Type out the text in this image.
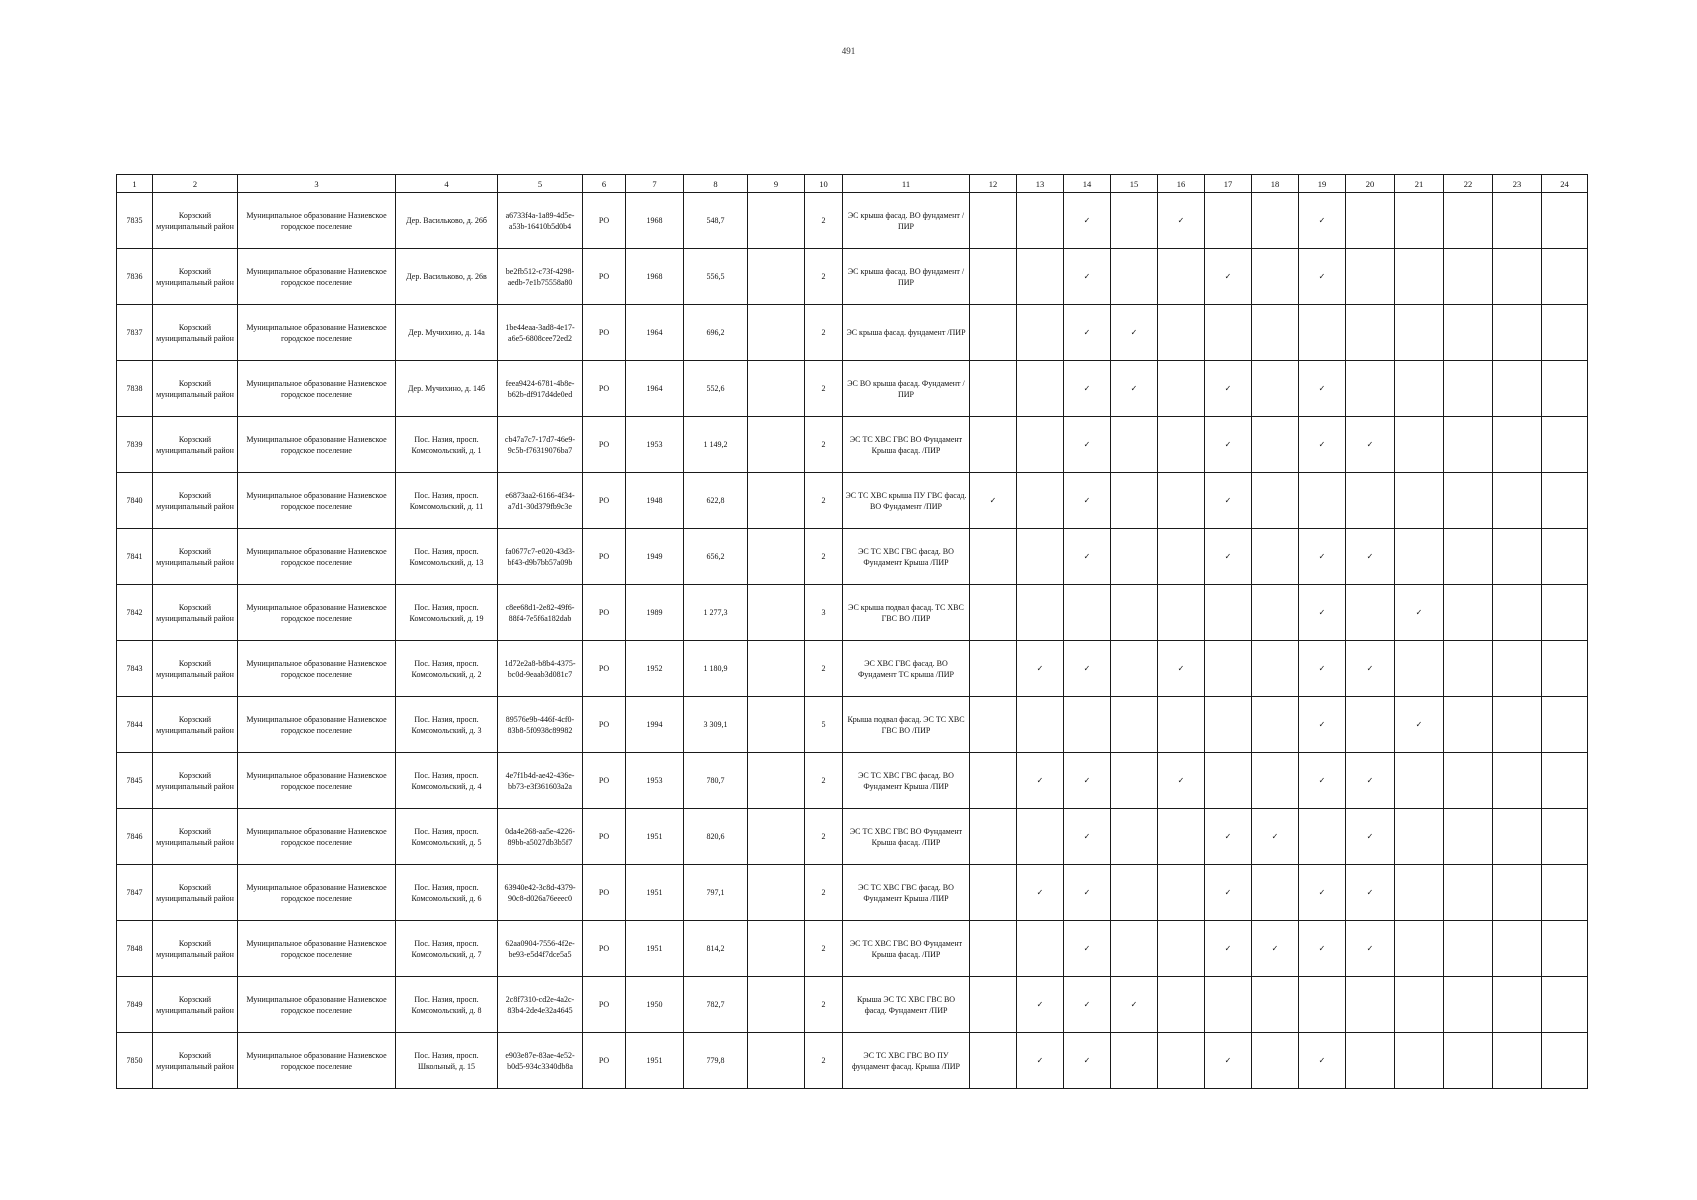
491
1	2	3	4	5	6	7	8	9	10	11	12	13	14	15	16	17	18	19	20	21	22	23	24
7835	Корзский муниципальный район	Муниципальное образование Назиевское городское поселение	Дер. Васильково, д. 26б	a6733f4a-1a89-4d5e-a53b-16410b5d0b4	РО	1968	548,7		2	ЭС крыша фасад. ВО фундамент /ПИР			✓		✓			✓					
7836	Корзский муниципальный район	Муниципальное образование Назиевское городское поселение	Дер. Васильково, д. 26в	be2fb512-c73f-4298-aedb-7e1b75558a80	РО	1968	556,5		2	ЭС крыша фасад. ВО фундамент /ПИР			✓			✓		✓					
7837	Корзский муниципальный район	Муниципальное образование Назиевское городское поселение	Дер. Мучихино, д. 14а	1be44eaa-3ad8-4e17-a6e5-6808cee72ed2	РО	1964	696,2		2	ЭС крыша фасад. фундамент /ПИР			✓	✓									
7838	Корзский муниципальный район	Муниципальное образование Назиевское городское поселение	Дер. Мучихино, д. 14б	feea9424-6781-4b8e-b62b-df917d4de0ed	РО	1964	552,6		2	ЭС ВО крыша фасад. Фундамент /ПИР			✓	✓		✓		✓					
7839	Корзский муниципальный район	Муниципальное образование Назиевское городское поселение	Пос. Назия, просп. Комсомольский, д. 1	cb47a7c7-17d7-46e9-9c5b-f76319076ba7	РО	1953	1 149,2		2	ЭС ТС ХВС ГВС ВО Фундамент Крыша фасад. /ПИР			✓			✓		✓	✓				
7840	Корзский муниципальный район	Муниципальное образование Назиевское городское поселение	Пос. Назия, просп. Комсомольский, д. 11	e6873aa2-6166-4f34-a7d1-30d379fb9c3e	РО	1948	622,8		2	ЭС ТС ХВС крыша ПУ ГВС фасад. ВО Фундамент /ПИР	✓		✓			✓							
7841	Корзский муниципальный район	Муниципальное образование Назиевское городское поселение	Пос. Назия, просп. Комсомольский, д. 13	fa0677c7-e020-43d3-bf43-d9b7bb57a09b	РО	1949	656,2		2	ЭС ТС ХВС ГВС фасад. ВО Фундамент Крыша /ПИР			✓			✓		✓	✓				
7842	Корзский муниципальный район	Муниципальное образование Назиевское городское поселение	Пос. Назия, просп. Комсомольский, д. 19	c8ee68d1-2e82-49f6-88f4-7e5f6a182dab	РО	1989	1 277,3		3	ЭС крыша подвал фасад. ТС ХВС ГВС ВО /ПИР								✓		✓			
7843	Корзский муниципальный район	Муниципальное образование Назиевское городское поселение	Пос. Назия, просп. Комсомольский, д. 2	1d72e2a8-b8b4-4375-bc0d-9eaab3d081c7	РО	1952	1 180,9		2	ЭС ХВС ГВС фасад. ВО Фундамент ТС крыша /ПИР		✓	✓		✓			✓	✓				
7844	Корзский муниципальный район	Муниципальное образование Назиевское городское поселение	Пос. Назия, просп. Комсомольский, д. 3	89576e9b-446f-4cf0-83b8-5f0938c89982	РО	1994	3 309,1		5	Крыша подвал фасад. ЭС ТС ХВС ГВС ВО /ПИР								✓		✓			
7845	Корзский муниципальный район	Муниципальное образование Назиевское городское поселение	Пос. Назия, просп. Комсомольский, д. 4	4e7f1b4d-ae42-436e-bb73-e3f361603a2a	РО	1953	780,7		2	ЭС ТС ХВС ГВС фасад. ВО Фундамент Крыша /ПИР		✓	✓		✓			✓	✓				
7846	Корзский муниципальный район	Муниципальное образование Назиевское городское поселение	Пос. Назия, просп. Комсомольский, д. 5	0da4e268-aa5e-4226-89bb-a5027db3b5f7	РО	1951	820,6		2	ЭС ТС ХВС ГВС ВО Фундамент Крыша фасад. /ПИР			✓			✓	✓		✓				
7847	Корзский муниципальный район	Муниципальное образование Назиевское городское поселение	Пос. Назия, просп. Комсомольский, д. 6	63940e42-3c8d-4379-90c8-d026a76eeec0	РО	1951	797,1		2	ЭС ТС ХВС ГВС фасад. ВО Фундамент Крыша /ПИР		✓	✓			✓		✓	✓				
7848	Корзский муниципальный район	Муниципальное образование Назиевское городское поселение	Пос. Назия, просп. Комсомольский, д. 7	62aa0904-7556-4f2e-be93-e5d4f7dce5a5	РО	1951	814,2		2	ЭС ТС ХВС ГВС ВО Фундамент Крыша фасад. /ПИР			✓			✓	✓	✓	✓				
7849	Корзский муниципальный район	Муниципальное образование Назиевское городское поселение	Пос. Назия, просп. Комсомольский, д. 8	2c8f7310-cd2e-4a2c-83b4-2de4e32a4645	РО	1950	782,7		2	Крыша ЭС ТС ХВС ГВС ВО фасад. Фундамент /ПИР		✓	✓	✓									
7850	Корзский муниципальный район	Муниципальное образование Назиевское городское поселение	Пос. Назия, просп. Школьный, д. 15	e903e87e-83ae-4e52-b0d5-934c3340db8a	РО	1951	779,8		2	ЭС ТС ХВС ГВС ВО ПУ фундамент фасад. Крыша /ПИР		✓	✓			✓		✓					
